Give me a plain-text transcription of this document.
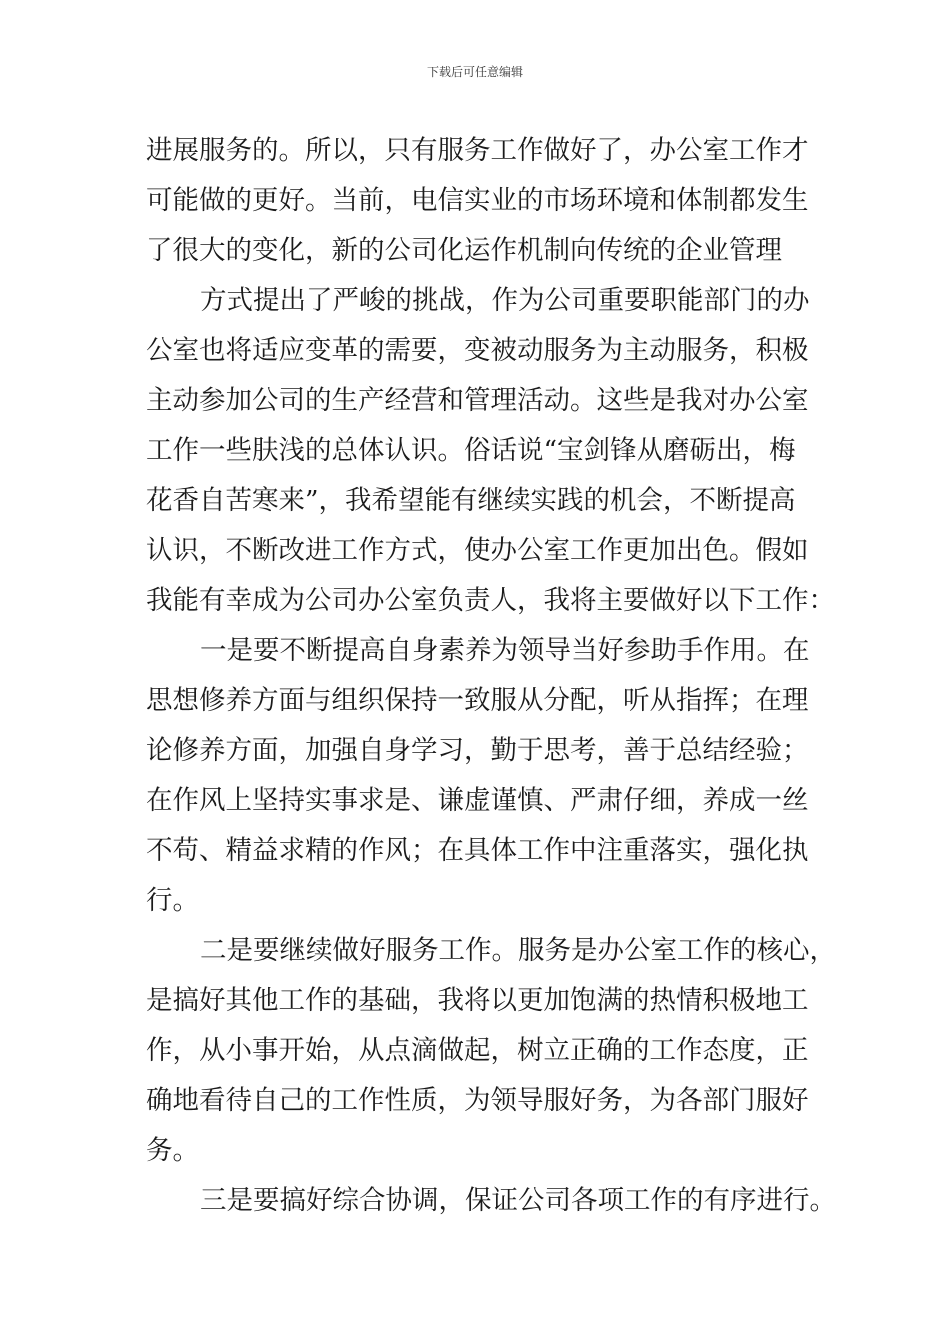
下载后可任意编辑
进展服务的。所以，只有服务工作做好了，办公室工作才
可能做的更好。当前，电信实业的市场环境和体制都发生
了很大的变化，新的公司化运作机制向传统的企业管理
方式提出了严峻的挑战，作为公司重要职能部门的办
公室也将适应变革的需要，变被动服务为主动服务，积极
主动参加公司的生产经营和管理活动。这些是我对办公室
工作一些肤浅的总体认识。俗话说“宝剑锋从磨砺出，梅
花香自苦寒来”，我希望能有继续实践的机会，不断提高
认识，不断改进工作方式，使办公室工作更加出色。假如
我能有幸成为公司办公室负责人，我将主要做好以下工作：
一是要不断提高自身素养为领导当好参助手作用。在
思想修养方面与组织保持一致服从分配，听从指挥；在理
论修养方面，加强自身学习，勤于思考，善于总结经验；
在作风上坚持实事求是、谦虚谨慎、严肃仔细，养成一丝
不苟、精益求精的作风；在具体工作中注重落实，强化执
行。
二是要继续做好服务工作。服务是办公室工作的核心，
是搞好其他工作的基础，我将以更加饱满的热情积极地工
作，从小事开始，从点滴做起，树立正确的工作态度，正
确地看待自己的工作性质，为领导服好务，为各部门服好
务。
三是要搞好综合协调，保证公司各项工作的有序进行。
